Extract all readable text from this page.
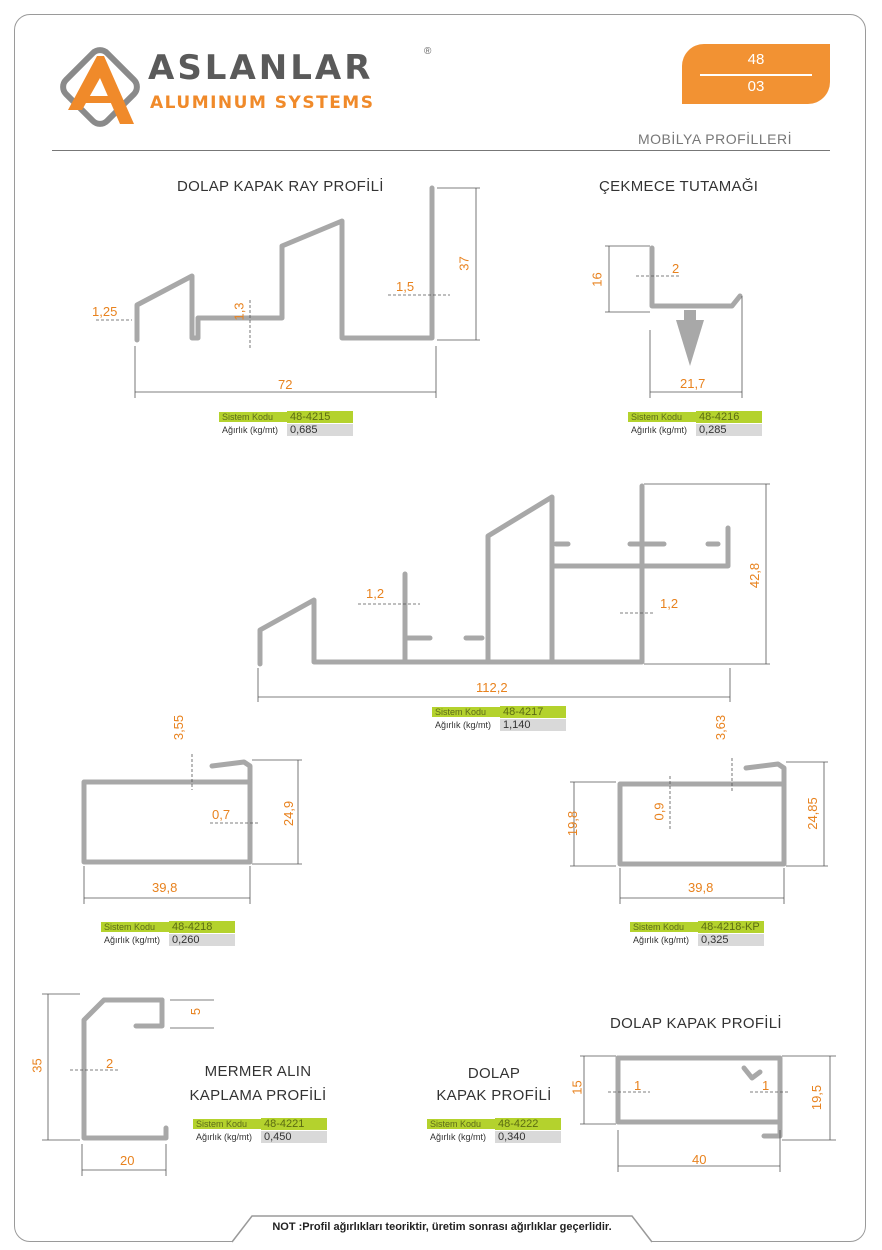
ASLANLAR	®
ALUMINUM SYSTEMS
48
03
MOBİLYA PROFİLLERİ
DOLAP KAPAK RAY PROFİLİ
1,25	1,3
1,5
37
72
Sistem Kodu	48-4215
Ağırlık (kg/mt)	0,685
ÇEKMECE TUTAMAĞI
16
2
21,7
Sistem Kodu	48-4216
Ağırlık (kg/mt)	0,285
1,2
1,2
42,8
112,2
Sistem Kodu	48-4217
Ağırlık (kg/mt)	1,140
3,55
0,7	24,9
39,8
Sistem Kodu	48-4218
Ağırlık (kg/mt)	0,260
3,63
0,9
19,8	24,85
39,8
Sistem Kodu	48-4218-KP
Ağırlık (kg/mt)	0,325
35
5
2
20
MERMER ALIN
KAPLAMA PROFİLİ
Sistem Kodu	48-4221
Ağırlık (kg/mt)	0,450
DOLAP
KAPAK PROFİLİ
Sistem Kodu	48-4222
Ağırlık (kg/mt)	0,340
DOLAP KAPAK PROFİLİ
15	1	1	19,5
40
NOT :Profil ağırlıkları teoriktir, üretim sonrası ağırlıklar geçerlidir.
